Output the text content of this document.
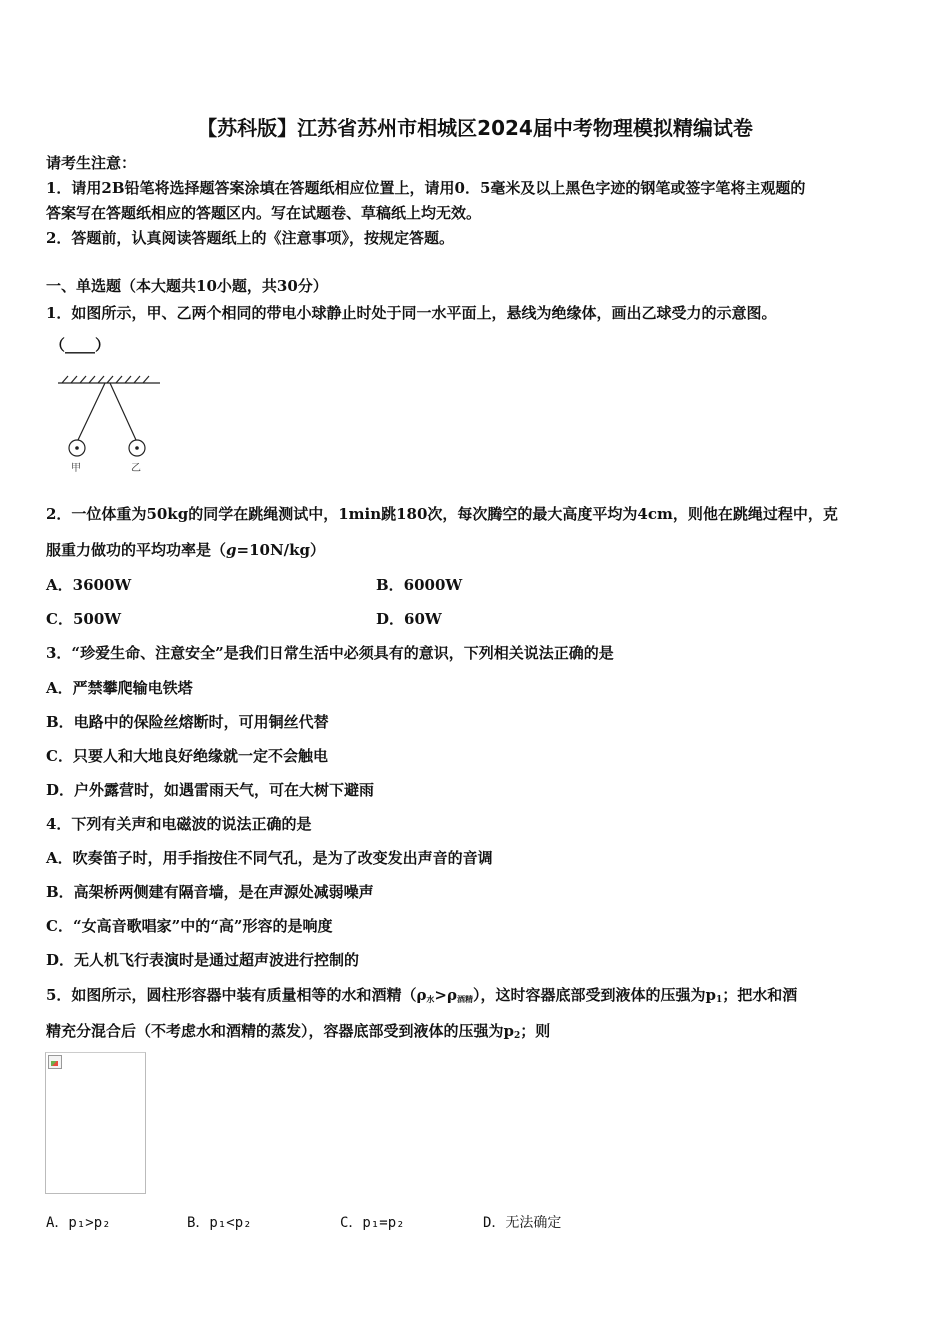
【苏科版】江苏省苏州市相城区2024届中考物理模拟精编试卷
请考生注意：
1．请用2B铅笔将选择题答案涂填在答题纸相应位置上，请用0．5毫米及以上黑色字迹的钢笔或签字笔将主观题的
答案写在答题纸相应的答题区内。写在试题卷、草稿纸上均无效。
2．答题前，认真阅读答题纸上的《注意事项》，按规定答题。
一、单选题（本大题共10小题，共30分）
1．如图所示，甲、乙两个相同的带电小球静止时处于同一水平面上，悬线为绝缘体，画出乙球受力的示意图。
（____）
甲	乙
2．一位体重为50kg的同学在跳绳测试中，1min跳180次，每次腾空的最大高度平均为4cm，则他在跳绳过程中，克
服重力做功的平均功率是（g=10N/kg）
A．3600W	B．6000W
C．500W	D．60W
3．“珍爱生命、注意安全”是我们日常生活中必须具有的意识，下列相关说法正确的是
A．严禁攀爬输电铁塔
B．电路中的保险丝熔断时，可用铜丝代替
C．只要人和大地良好绝缘就一定不会触电
D．户外露营时，如遇雷雨天气，可在大树下避雨
4．下列有关声和电磁波的说法正确的是
A．吹奏笛子时，用手指按住不同气孔，是为了改变发出声音的音调
B．高架桥两侧建有隔音墙，是在声源处减弱噪声
C．“女高音歌唱家”中的“高”形容的是响度
D．无人机飞行表演时是通过超声波进行控制的
5．如图所示，圆柱形容器中装有质量相等的水和酒精$(\rho_水>\rho_{酒精})$，这时容器底部受到液体的压强为$p_1$；把水和酒
精充分混合后（不考虑水和酒精的蒸发），容器底部受到液体的压强为$p_2$；则
A．p₁>p₂	B．p₁<p₂	C．p₁=p₂	D．无法确定
